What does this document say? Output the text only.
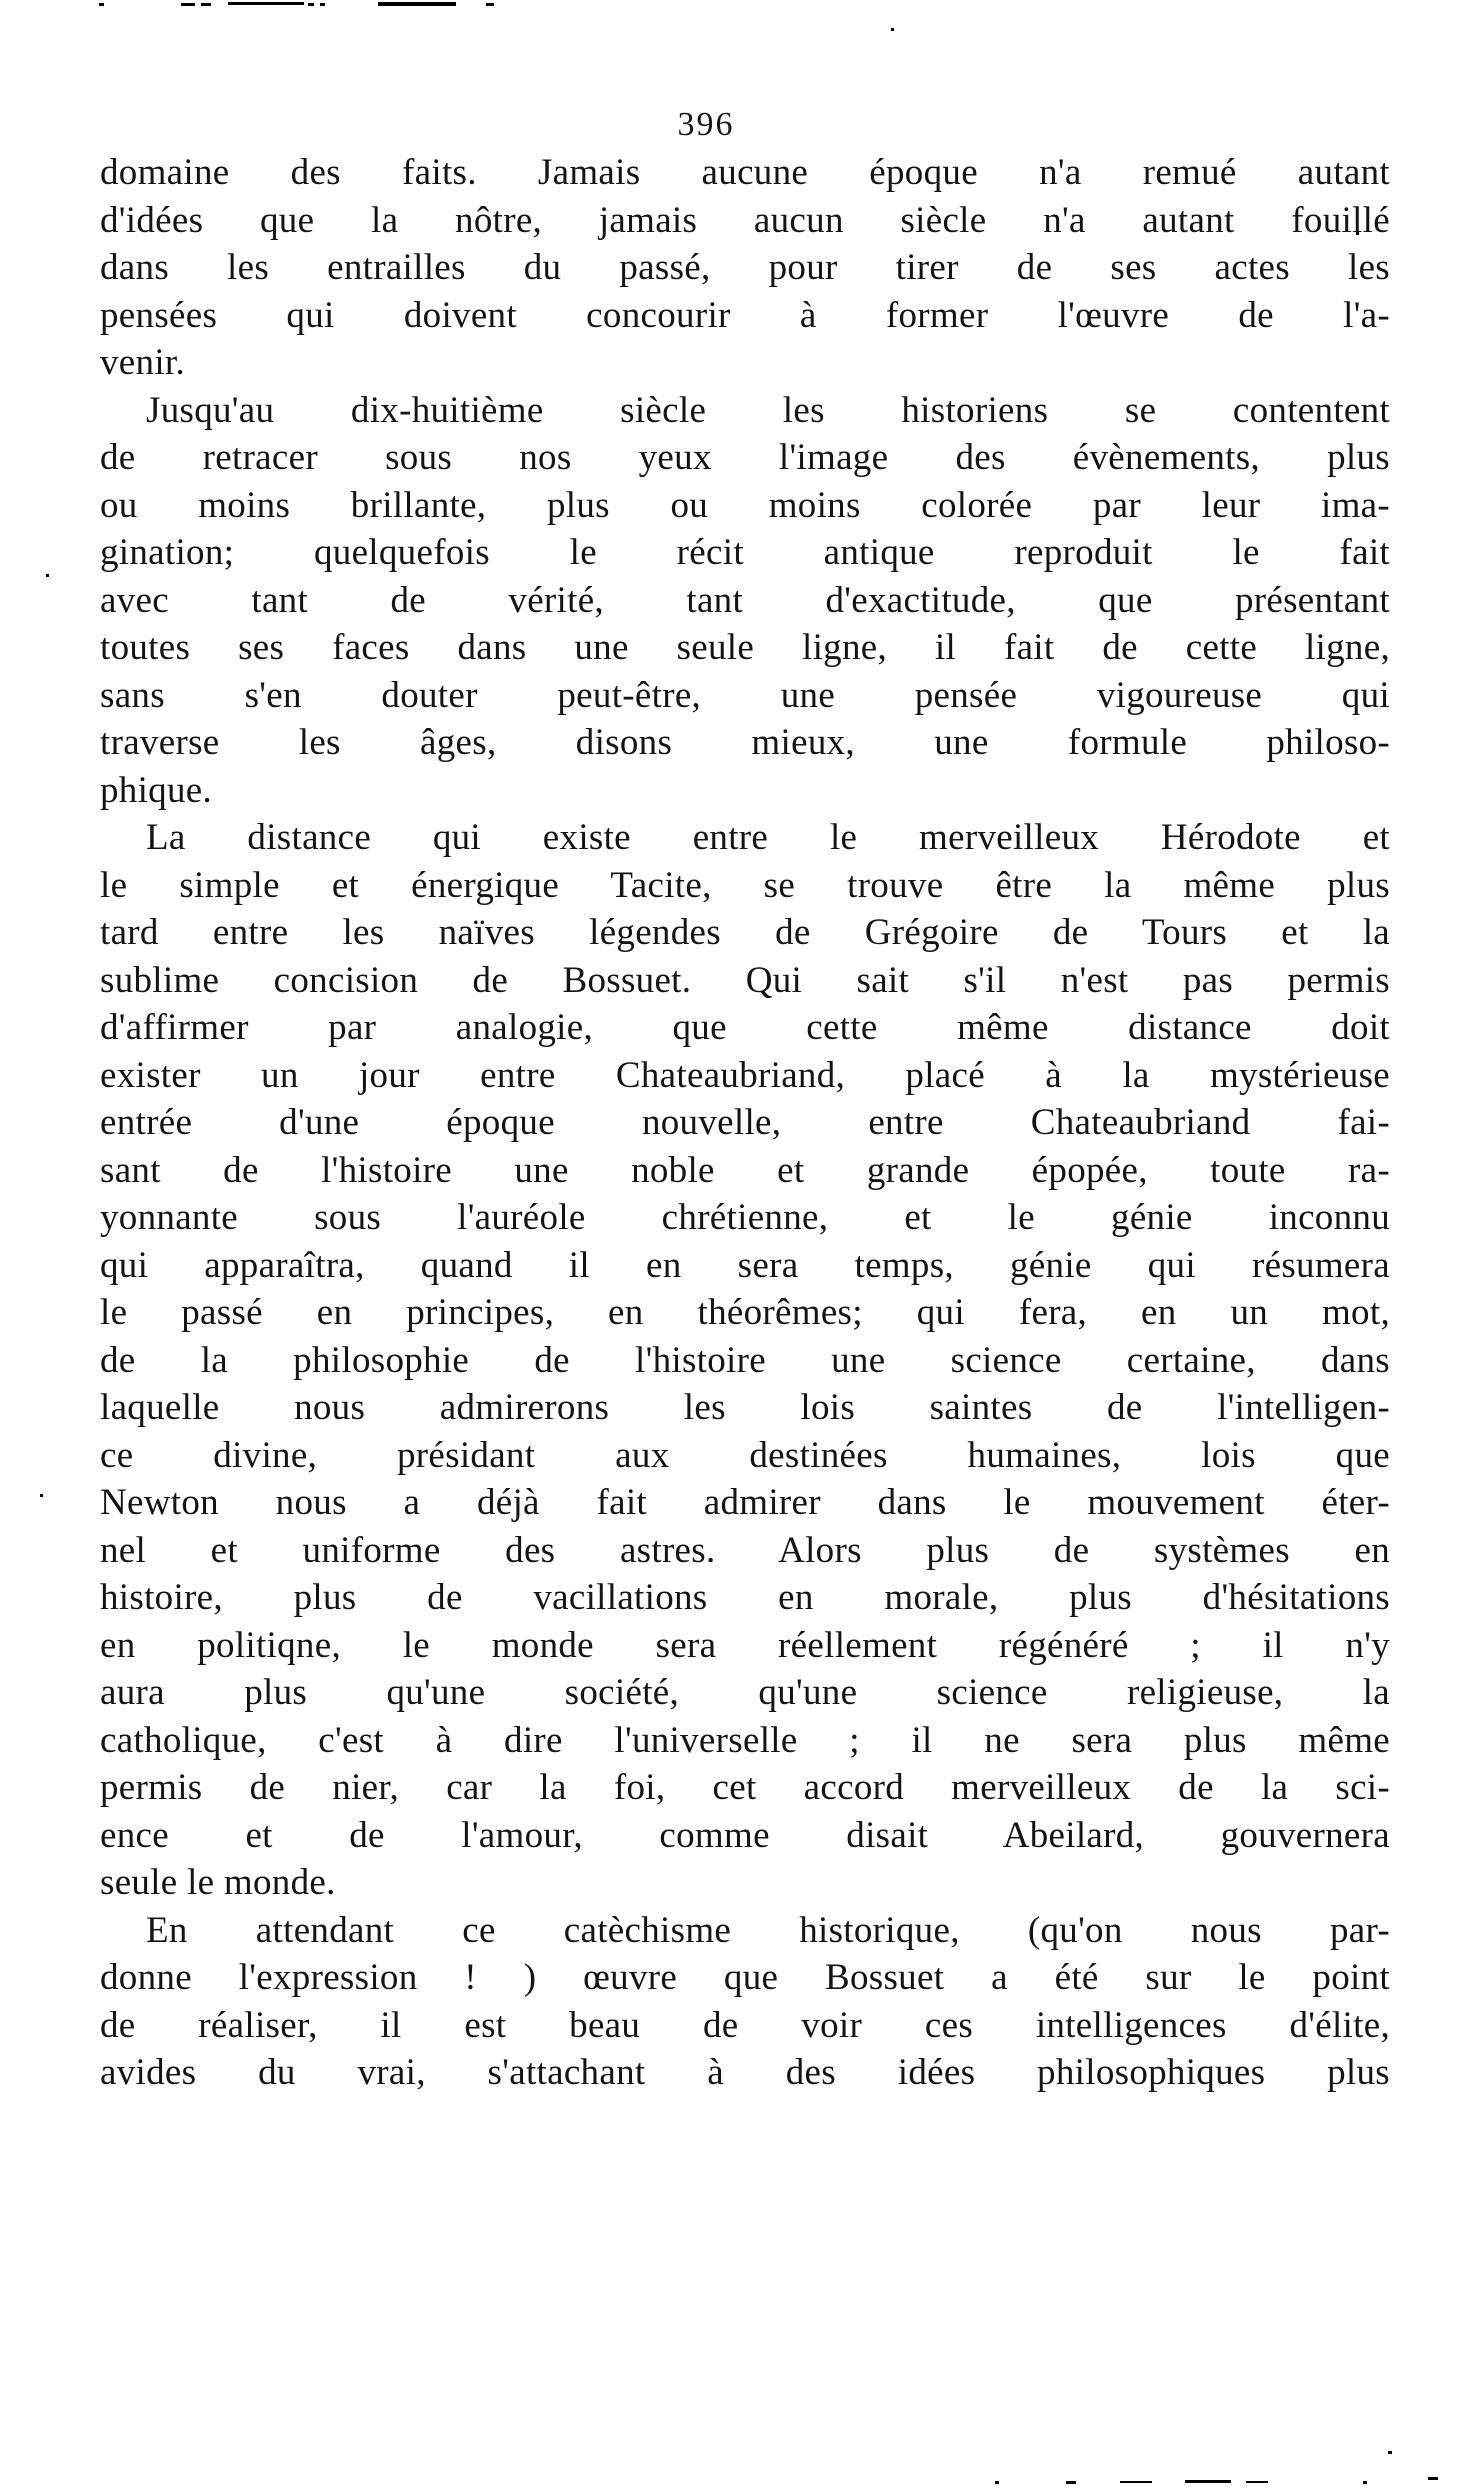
396
domaine des faits. Jamais aucune époque n'a remué autant
d'idées que la nôtre, jamais aucun siècle n'a autant fouillé
dans les entrailles du passé, pour tirer de ses actes les
pensées qui doivent concourir à former l'œuvre de l'a-
venir.
Jusqu'au dix-huitième siècle les historiens se contentent
de retracer sous nos yeux l'image des évènements, plus
ou moins brillante, plus ou moins colorée par leur ima-
gination; quelquefois le récit antique reproduit le fait
avec tant de vérité, tant d'exactitude, que présentant
toutes ses faces dans une seule ligne, il fait de cette ligne,
sans s'en douter peut-être, une pensée vigoureuse qui
traverse les âges, disons mieux, une formule philoso-
phique.
La distance qui existe entre le merveilleux Hérodote et
le simple et énergique Tacite, se trouve être la même plus
tard entre les naïves légendes de Grégoire de Tours et la
sublime concision de Bossuet. Qui sait s'il n'est pas permis
d'affirmer par analogie, que cette même distance doit
exister un jour entre Chateaubriand, placé à la mystérieuse
entrée d'une époque nouvelle, entre Chateaubriand fai-
sant de l'histoire une noble et grande épopée, toute ra-
yonnante sous l'auréole chrétienne, et le génie inconnu
qui apparaîtra, quand il en sera temps, génie qui résumera
le passé en principes, en théorêmes; qui fera, en un mot,
de la philosophie de l'histoire une science certaine, dans
laquelle nous admirerons les lois saintes de l'intelligen-
ce divine, présidant aux destinées humaines, lois que
Newton nous a déjà fait admirer dans le mouvement éter-
nel et uniforme des astres. Alors plus de systèmes en
histoire, plus de vacillations en morale, plus d'hésitations
en politiqne, le monde sera réellement régénéré ; il n'y
aura plus qu'une société, qu'une science religieuse, la
catholique, c'est à dire l'universelle ; il ne sera plus même
permis de nier, car la foi, cet accord merveilleux de la sci-
ence et de l'amour, comme disait Abeilard, gouvernera
seule le monde.
En attendant ce catèchisme historique, (qu'on nous par-
donne l'expression ! ) œuvre que Bossuet a été sur le point
de réaliser, il est beau de voir ces intelligences d'élite,
avides du vrai, s'attachant à des idées philosophiques plus
